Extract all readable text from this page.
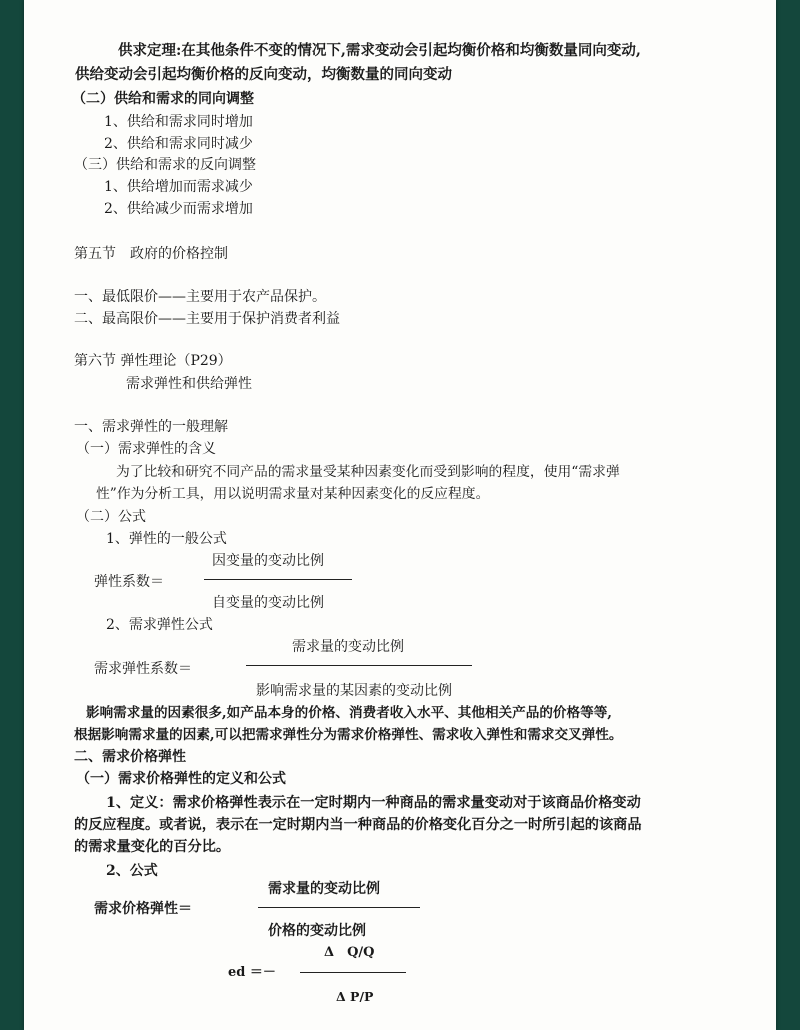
供求定理:在其他条件不变的情况下,需求变动会引起均衡价格和均衡数量同向变动,
供给变动会引起均衡价格的反向变动，均衡数量的同向变动
（二）供给和需求的同向调整
1、供给和需求同时增加
2、供给和需求同时减少
（三）供给和需求的反向调整
1、供给增加而需求减少
2、供给减少而需求增加
第五节　政府的价格控制
一、最低限价——主要用于农产品保护。
二、最高限价——主要用于保护消费者利益
第六节 弹性理论（P29）
需求弹性和供给弹性
一、需求弹性的一般理解
（一）需求弹性的含义
为了比较和研究不同产品的需求量受某种因素变化而受到影响的程度，使用“需求弹
性”作为分析工具，用以说明需求量对某种因素变化的反应程度。
（二）公式
1、弹性的一般公式
因变量的变动比例
弹性系数＝
自变量的变动比例
2、需求弹性公式
需求量的变动比例
需求弹性系数＝
影响需求量的某因素的变动比例
影响需求量的因素很多,如产品本身的价格、消费者收入水平、其他相关产品的价格等等,
根据影响需求量的因素,可以把需求弹性分为需求价格弹性、需求收入弹性和需求交叉弹性。
二、需求价格弹性
（一）需求价格弹性的定义和公式
1、定义：需求价格弹性表示在一定时期内一种商品的需求量变动对于该商品价格变动
的反应程度。或者说，表示在一定时期内当一种商品的价格变化百分之一时所引起的该商品
的需求量变化的百分比。
2、公式
需求量的变动比例
需求价格弹性＝
价格的变动比例
Δ　Q/Q
ed ＝－
Δ P/P
